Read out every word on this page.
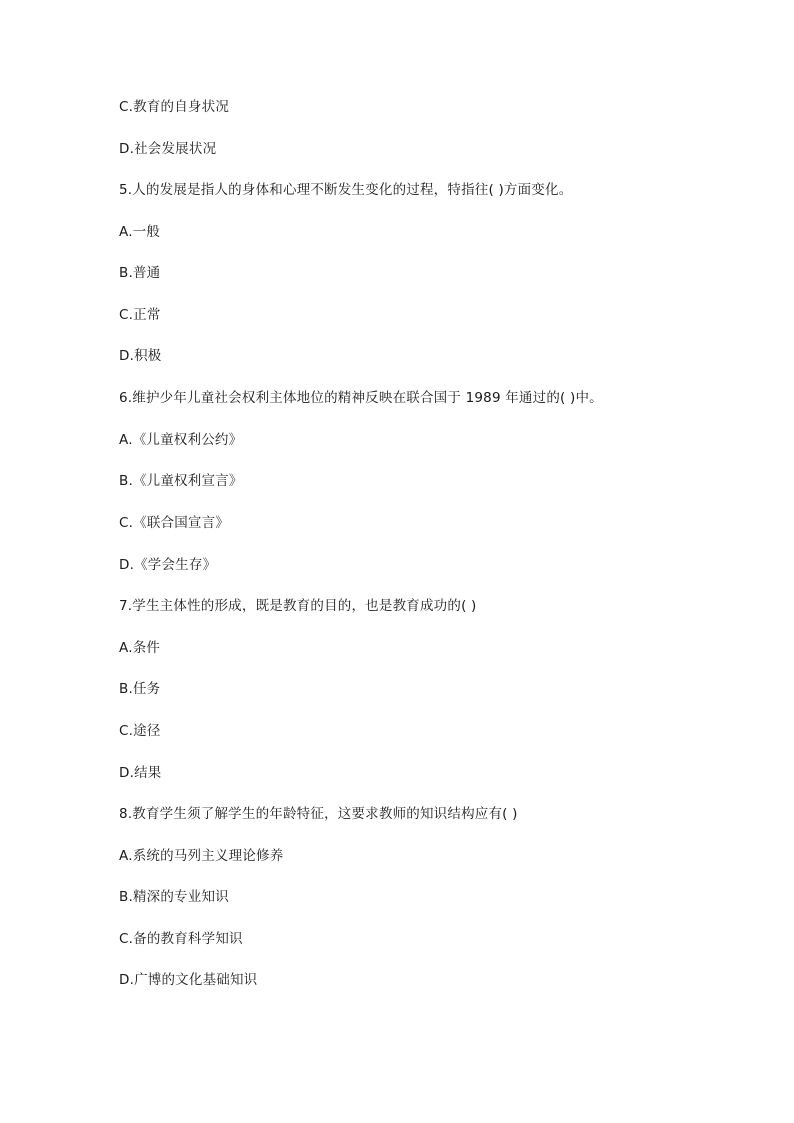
C.教育的自身状况

D.社会发展状况

5.人的发展是指人的身体和心理不断发生变化的过程，特指往( )方面变化。

A.一般

B.普通

C.正常

D.积极

6.维护少年儿童社会权利主体地位的精神反映在联合国于 1989 年通过的( )中。

A.《儿童权利公约》

B.《儿童权利宣言》

C.《联合国宣言》

D.《学会生存》

7.学生主体性的形成，既是教育的目的，也是教育成功的( )

A.条件

B.任务

C.途径

D.结果

8.教育学生须了解学生的年龄特征，这要求教师的知识结构应有( )

A.系统的马列主义理论修养

B.精深的专业知识

C.备的教育科学知识

D.广博的文化基础知识
